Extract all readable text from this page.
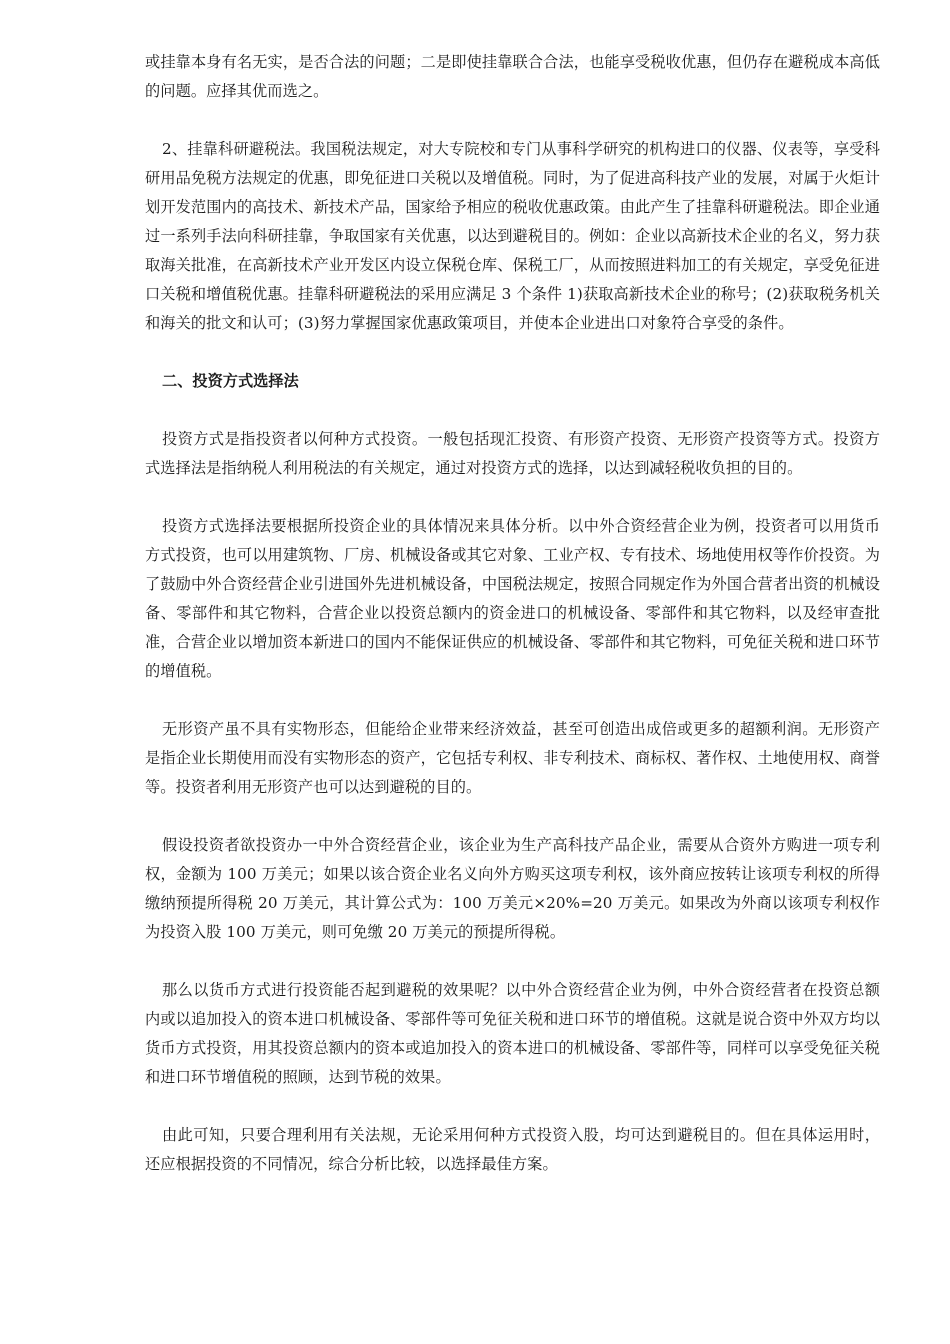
或挂靠本身有名无实，是否合法的问题；二是即使挂靠联合合法，也能享受税收优惠，但仍存在避税成本高低的问题。应择其优而选之。

2、挂靠科研避税法。我国税法规定，对大专院校和专门从事科学研究的机构进口的仪器、仪表等，享受科研用品免税方法规定的优惠，即免征进口关税以及增值税。同时，为了促进高科技产业的发展，对属于火炬计划开发范围内的高技术、新技术产品，国家给予相应的税收优惠政策。由此产生了挂靠科研避税法。即企业通过一系列手法向科研挂靠，争取国家有关优惠，以达到避税目的。例如：企业以高新技术企业的名义，努力获取海关批准，在高新技术产业开发区内设立保税仓库、保税工厂，从而按照进料加工的有关规定，享受免征进口关税和增值税优惠。挂靠科研避税法的采用应满足 3 个条件 1)获取高新技术企业的称号；(2)获取税务机关和海关的批文和认可；(3)努力掌握国家优惠政策项目，并使本企业进出口对象符合享受的条件。

二、投资方式选择法

投资方式是指投资者以何种方式投资。一般包括现汇投资、有形资产投资、无形资产投资等方式。投资方式选择法是指纳税人利用税法的有关规定，通过对投资方式的选择，以达到减轻税收负担的目的。

投资方式选择法要根据所投资企业的具体情况来具体分析。以中外合资经营企业为例，投资者可以用货币方式投资，也可以用建筑物、厂房、机械设备或其它对象、工业产权、专有技术、场地使用权等作价投资。为了鼓励中外合资经营企业引进国外先进机械设备，中国税法规定，按照合同规定作为外国合营者出资的机械设备、零部件和其它物料，合营企业以投资总额内的资金进口的机械设备、零部件和其它物料，以及经审查批准，合营企业以增加资本新进口的国内不能保证供应的机械设备、零部件和其它物料，可免征关税和进口环节的增值税。

无形资产虽不具有实物形态，但能给企业带来经济效益，甚至可创造出成倍或更多的超额利润。无形资产是指企业长期使用而没有实物形态的资产，它包括专利权、非专利技术、商标权、著作权、土地使用权、商誉等。投资者利用无形资产也可以达到避税的目的。

假设投资者欲投资办一中外合资经营企业，该企业为生产高科技产品企业，需要从合资外方购进一项专利权，金额为 100 万美元；如果以该合资企业名义向外方购买这项专利权，该外商应按转让该项专利权的所得缴纳预提所得税 20 万美元，其计算公式为：100 万美元×20%=20 万美元。如果改为外商以该项专利权作为投资入股 100 万美元，则可免缴 20 万美元的预提所得税。

那么以货币方式进行投资能否起到避税的效果呢？以中外合资经营企业为例，中外合资经营者在投资总额内或以追加投入的资本进口机械设备、零部件等可免征关税和进口环节的增值税。这就是说合资中外双方均以货币方式投资，用其投资总额内的资本或追加投入的资本进口的机械设备、零部件等，同样可以享受免征关税和进口环节增值税的照顾，达到节税的效果。

由此可知，只要合理利用有关法规，无论采用何种方式投资入股，均可达到避税目的。但在具体运用时，还应根据投资的不同情况，综合分析比较，以选择最佳方案。
